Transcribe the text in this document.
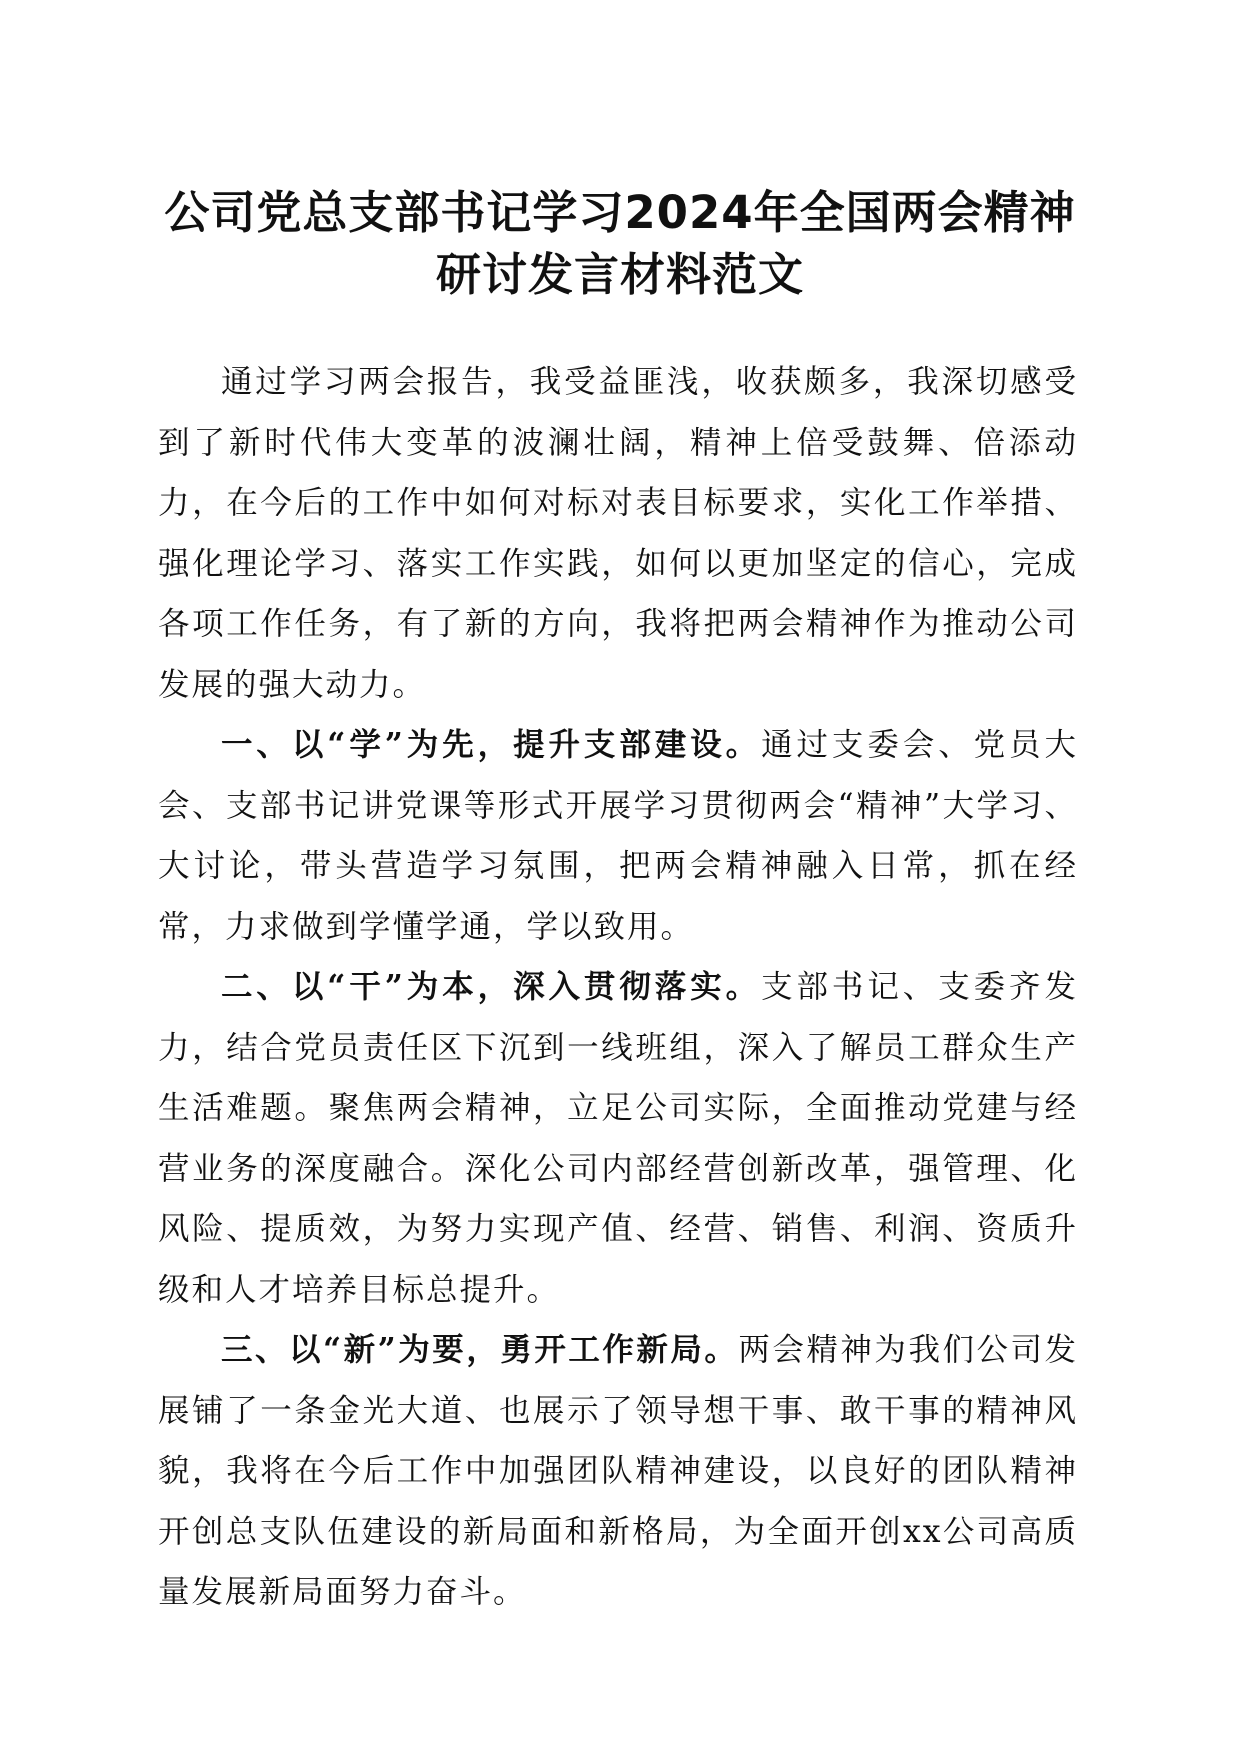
公司党总支部书记学习2024年全国两会精神
研讨发言材料范文

通过学习两会报告，我受益匪浅，收获颇多，我深切感受到了新时代伟大变革的波澜壮阔，精神上倍受鼓舞、倍添动力，在今后的工作中如何对标对表目标要求，实化工作举措、强化理论学习、落实工作实践，如何以更加坚定的信心，完成各项工作任务，有了新的方向，我将把两会精神作为推动公司发展的强大动力。

一、以“学”为先，提升支部建设。通过支委会、党员大会、支部书记讲党课等形式开展学习贯彻两会“精神”大学习、大讨论，带头营造学习氛围，把两会精神融入日常，抓在经常，力求做到学懂学通，学以致用。

二、以“干”为本，深入贯彻落实。支部书记、支委齐发力，结合党员责任区下沉到一线班组，深入了解员工群众生产生活难题。聚焦两会精神，立足公司实际，全面推动党建与经营业务的深度融合。深化公司内部经营创新改革，强管理、化风险、提质效，为努力实现产值、经营、销售、利润、资质升级和人才培养目标总提升。

三、以“新”为要，勇开工作新局。两会精神为我们公司发展铺了一条金光大道、也展示了领导想干事、敢干事的精神风貌，我将在今后工作中加强团队精神建设，以良好的团队精神开创总支队伍建设的新局面和新格局，为全面开创xx公司高质量发展新局面努力奋斗。
